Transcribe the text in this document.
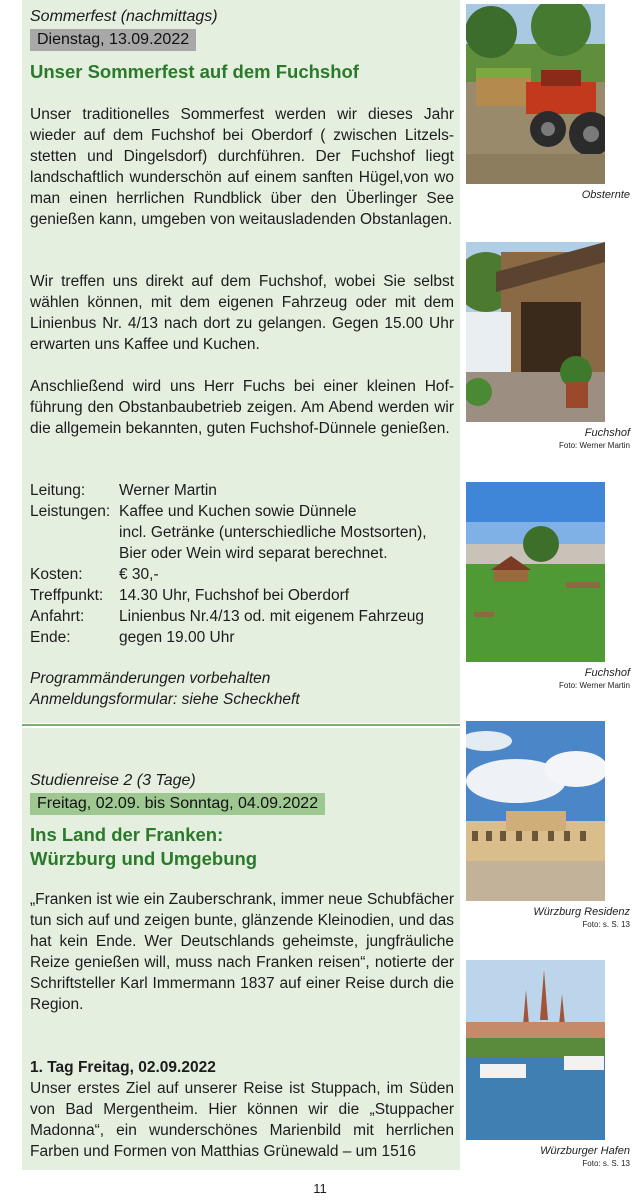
Sommerfest (nachmittags)
Dienstag, 13.09.2022
Unser Sommerfest auf dem Fuchshof

Unser traditionelles Sommerfest werden wir dieses Jahr wieder auf dem Fuchshof bei Oberdorf ( zwischen Litzelsstetten und Dingelsdorf) durchführen. Der Fuchshof liegt landschaftlich wunderschön auf einem sanften Hügel,von wo man einen herrlichen Rundblick über den Überlinger See genießen kann, umgeben von weitausladenden Obstanlagen.

Wir treffen uns direkt auf dem Fuchshof, wobei Sie selbst wählen können, mit dem eigenen Fahrzeug oder mit dem Linienbus Nr. 4/13 nach dort zu gelangen. Gegen 15.00 Uhr erwarten uns Kaffee und Kuchen.

Anschließend wird uns Herr Fuchs bei einer kleinen Hofführung den Obstanbaubetrieb zeigen. Am Abend werden wir die allgemein bekannten, guten Fuchshof-Dünnele genießen.

Leitung:	Werner Martin
Leistungen:	Kaffee und Kuchen sowie Dünnele
	incl. Getränke (unterschiedliche Mostsorten),
	Bier oder Wein wird separat berechnet.
Kosten:	€ 30,-
Treffpunkt:	14.30 Uhr, Fuchshof bei Oberdorf
Anfahrt:	Linienbus Nr.4/13 od. mit eigenem Fahrzeug
Ende:	gegen 19.00 Uhr
Programmänderungen vorbehalten
Anmeldungsformular: siehe Scheckheft
Studienreise 2 (3 Tage)
Freitag, 02.09. bis Sonntag, 04.09.2022
Ins Land der Franken:
Würzburg und Umgebung

„Franken ist wie ein Zauberschrank, immer neue Schubfächer tun sich auf und zeigen bunte, glänzende Kleinodien, und das hat kein Ende. Wer Deutschlands geheimste, jungfräuliche Reize genießen will, muss nach Franken reisen“, notierte der Schriftsteller Karl Immermann 1837 auf einer Reise durch die Region.

1. Tag Freitag, 02.09.2022

Unser erstes Ziel auf unserer Reise ist Stuppach, im Süden von Bad Mergentheim. Hier können wir die „Stuppacher Madonna“, ein wunderschönes Marienbild mit herrlichen Farben und Formen von Matthias Grünewald – um 1516

Obsternte
Fuchshof
Foto: Werner Martin
Fuchshof
Foto: Werner Martin
Würzburg Residenz
Foto: s. S. 13
Würzburger Hafen
Foto: s. S. 13
11
